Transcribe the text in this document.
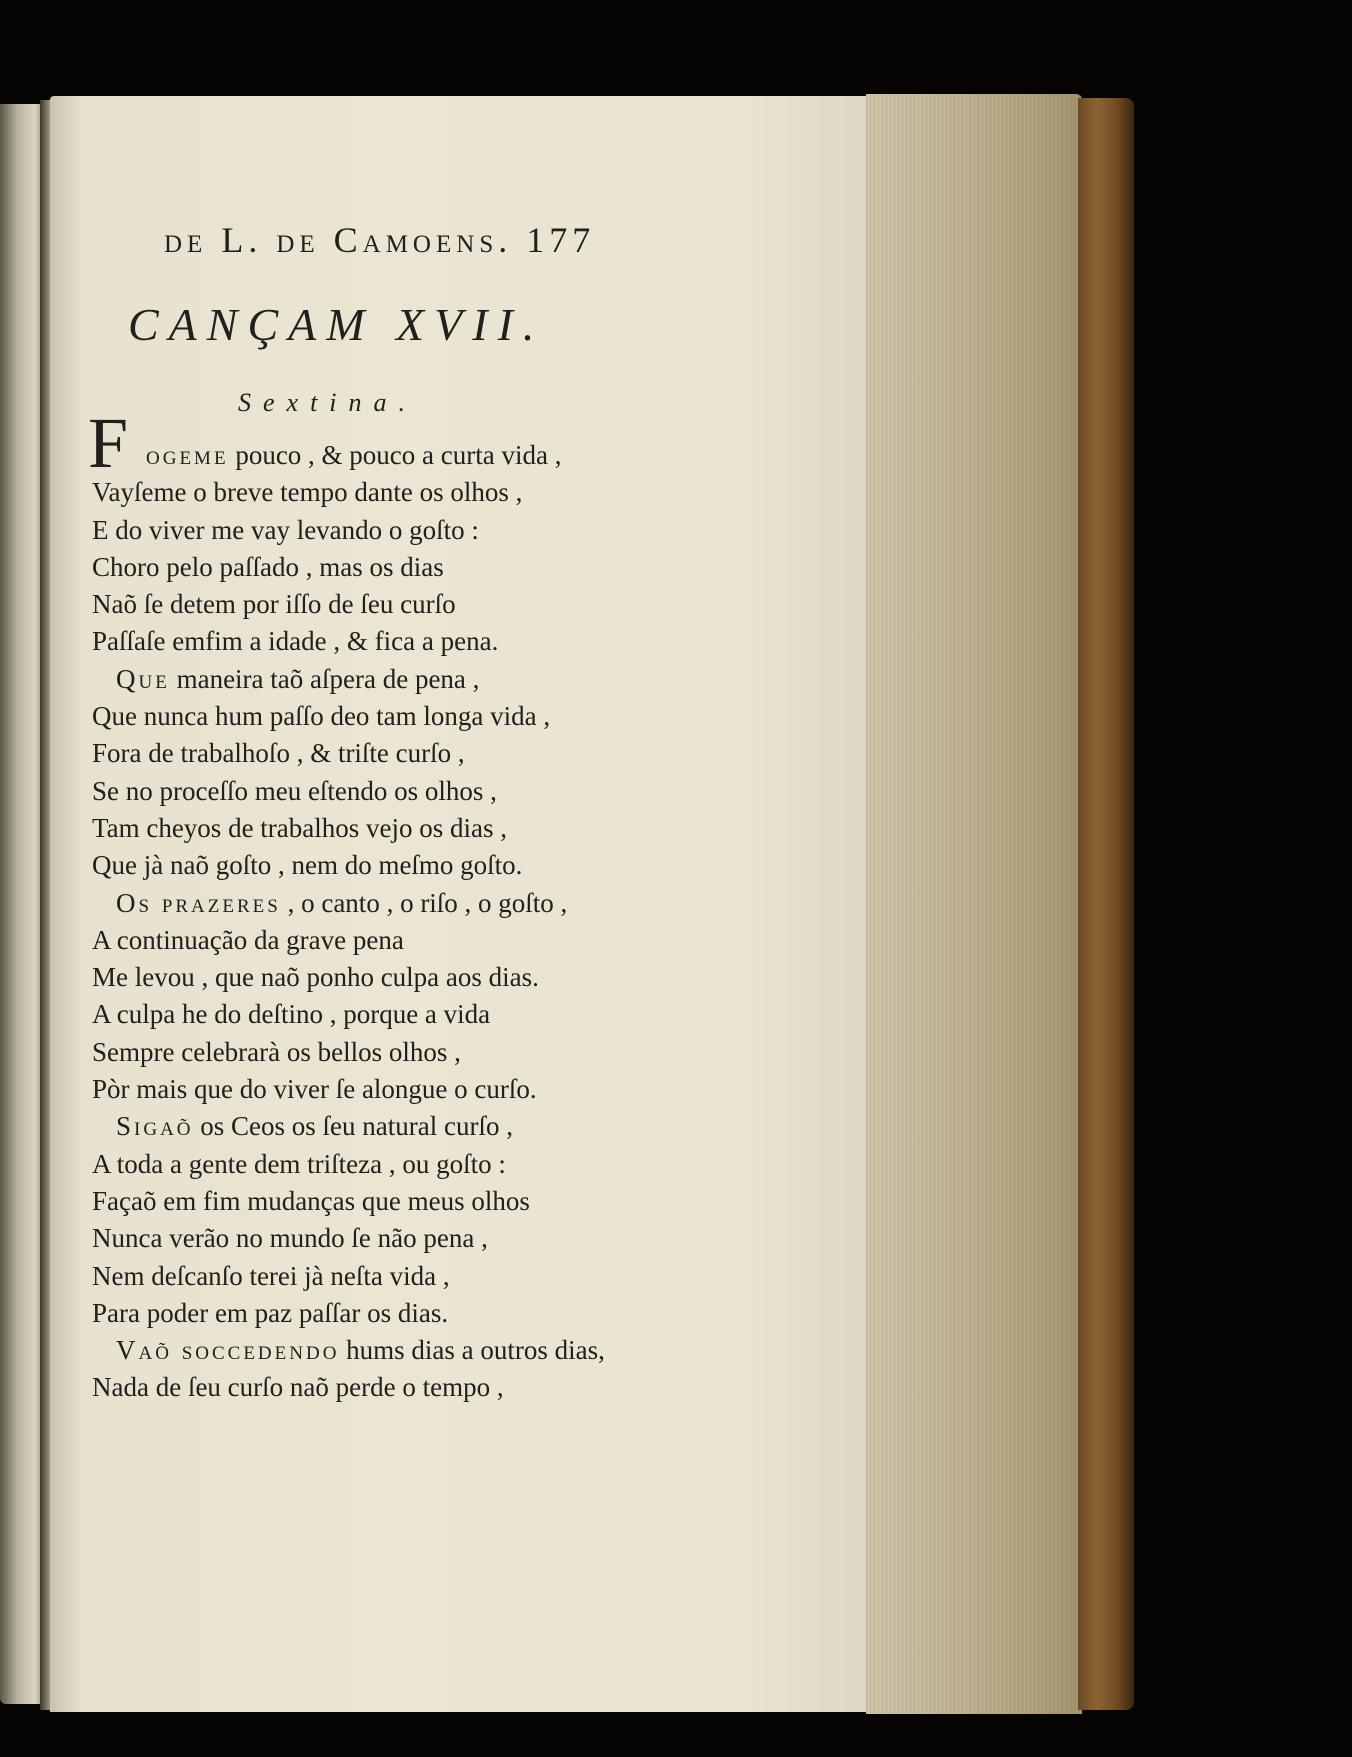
de L. de Camoens. 177
CANÇAM XVII.
Sextina.
F ogeme pouco , & pouco a curta vida ,
Vayſeme o breve tempo dante os olhos ,
E do viver me vay levando o goſto :
Choro pelo paſſado , mas os dias
Naõ ſe detem por iſſo de ſeu curſo
Paſſaſe emfim a idade , & fica a pena.
Que maneira taõ aſpera de pena ,
Que nunca hum paſſo deo tam longa vida ,
Fora de trabalhoſo , & triſte curſo ,
Se no proceſſo meu eſtendo os olhos ,
Tam cheyos de trabalhos vejo os dias ,
Que jà naõ goſto , nem do meſmo goſto.
Os prazeres , o canto , o riſo , o goſto ,
A continuação da grave pena
Me levou , que naõ ponho culpa aos dias.
A culpa he do deſtino , porque a vida
Sempre celebrarà os bellos olhos ,
Pòr mais que do viver ſe alongue o curſo.
Sigaõ os Ceos os ſeu natural curſo ,
A toda a gente dem triſteza , ou goſto :
Façaõ em fim mudanças que meus olhos
Nunca verão no mundo ſe não pena ,
Nem deſcanſo terei jà neſta vida ,
Para poder em paz paſſar os dias.
Vaõ soccedendo hums dias a outros dias,
Nada de ſeu curſo naõ perde o tempo ,
